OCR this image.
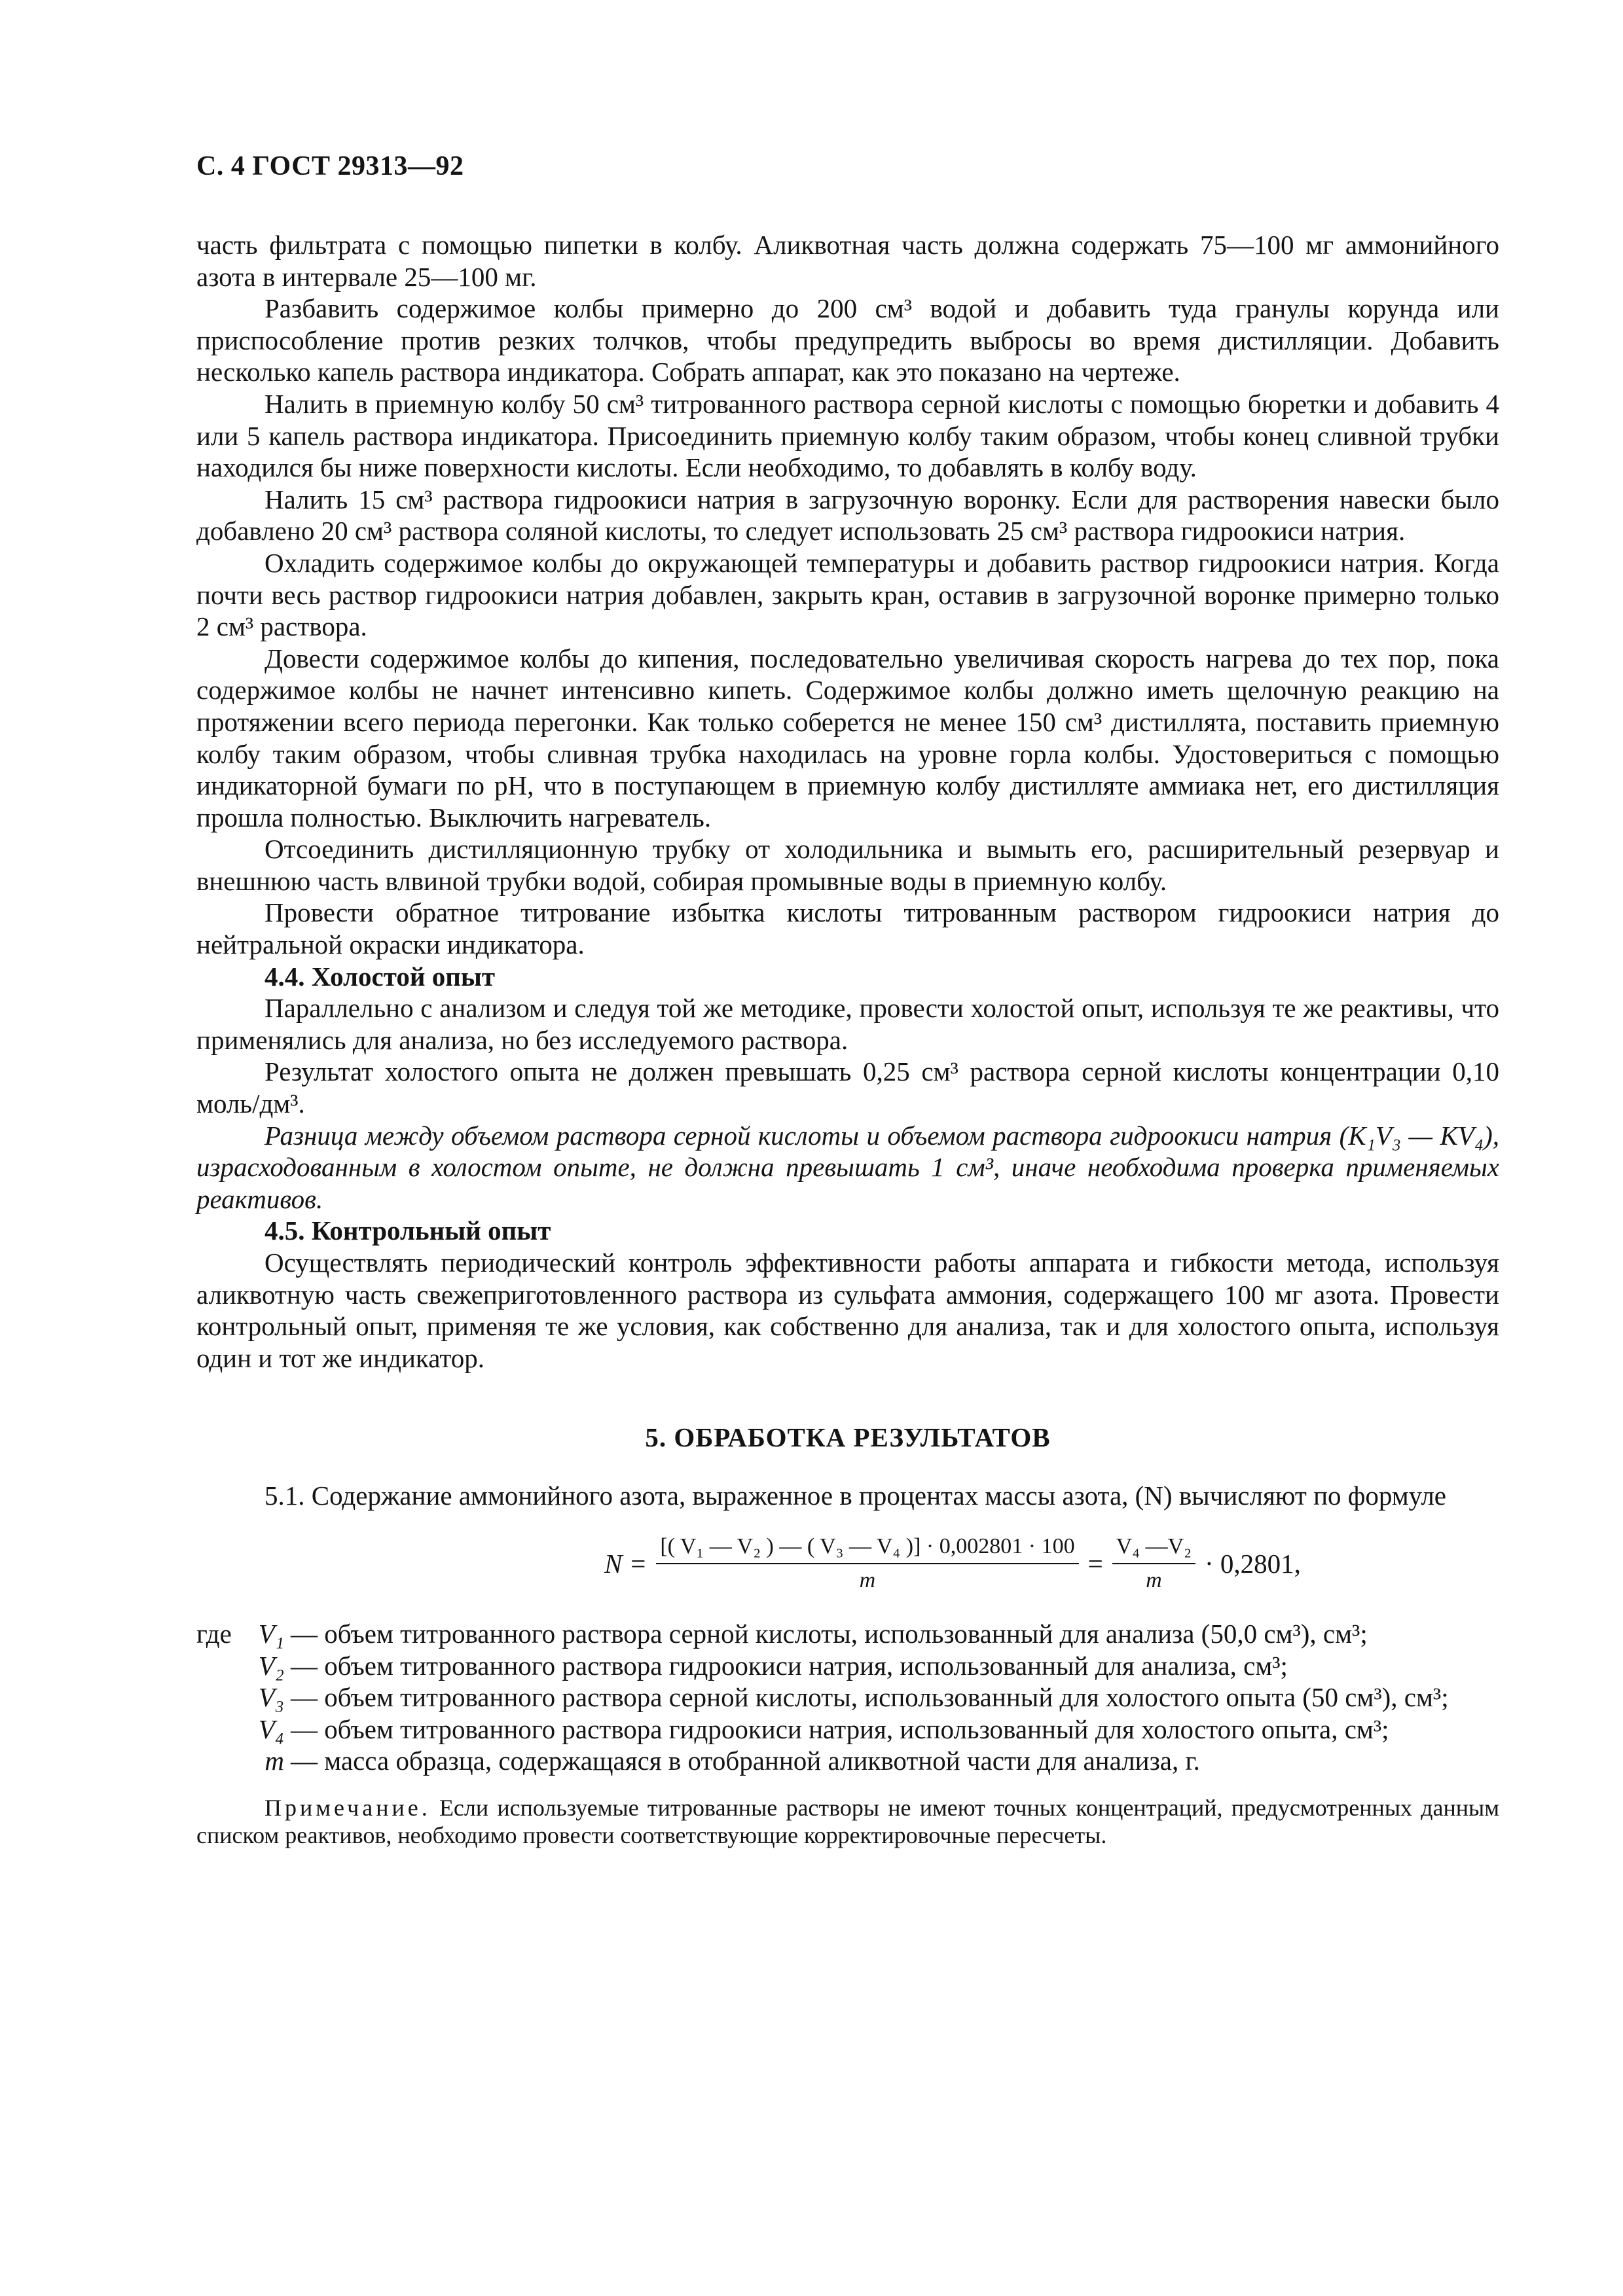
С. 4 ГОСТ 29313—92

часть фильтрата с помощью пипетки в колбу. Аликвотная часть должна содержать 75—100 мг аммонийного азота в интервале 25—100 мг.

Разбавить содержимое колбы примерно до 200 см³ водой и добавить туда гранулы корунда или приспособление против резких толчков, чтобы предупредить выбросы во время дистилляции. Добавить несколько капель раствора индикатора. Собрать аппарат, как это показано на чертеже.

Налить в приемную колбу 50 см³ титрованного раствора серной кислоты с помощью бюретки и добавить 4 или 5 капель раствора индикатора. Присоединить приемную колбу таким образом, чтобы конец сливной трубки находился бы ниже поверхности кислоты. Если необходимо, то добавлять в колбу воду.

Налить 15 см³ раствора гидроокиси натрия в загрузочную воронку. Если для растворения навески было добавлено 20 см³ раствора соляной кислоты, то следует использовать 25 см³ раствора гидроокиси натрия.

Охладить содержимое колбы до окружающей температуры и добавить раствор гидроокиси натрия. Когда почти весь раствор гидроокиси натрия добавлен, закрыть кран, оставив в загрузочной воронке примерно только 2 см³ раствора.

Довести содержимое колбы до кипения, последовательно увеличивая скорость нагрева до тех пор, пока содержимое колбы не начнет интенсивно кипеть. Содержимое колбы должно иметь щелочную реакцию на протяжении всего периода перегонки. Как только соберется не менее 150 см³ дистиллята, поставить приемную колбу таким образом, чтобы сливная трубка находилась на уровне горла колбы. Удостовериться с помощью индикаторной бумаги по pH, что в поступающем в приемную колбу дистилляте аммиака нет, его дистилляция прошла полностью. Выключить нагреватель.

Отсоединить дистилляционную трубку от холодильника и вымыть его, расширительный резервуар и внешнюю часть влвиной трубки водой, собирая промывные воды в приемную колбу.

Провести обратное титрование избытка кислоты титрованным раствором гидроокиси натрия до нейтральной окраски индикатора.

4.4. Холостой опыт

Параллельно с анализом и следуя той же методике, провести холостой опыт, используя те же реактивы, что применялись для анализа, но без исследуемого раствора.

Результат холостого опыта не должен превышать 0,25 см³ раствора серной кислоты концентрации 0,10 моль/дм³.

Разница между объемом раствора серной кислоты и объемом раствора гидроокиси натрия (K₁V₃ — KV₄), израсходованным в холостом опыте, не должна превышать 1 см³, иначе необходима проверка применяемых реактивов.

4.5. Контрольный опыт

Осуществлять периодический контроль эффективности работы аппарата и гибкости метода, используя аликвотную часть свежеприготовленного раствора из сульфата аммония, содержащего 100 мг азота. Провести контрольный опыт, применяя те же условия, как собственно для анализа, так и для холостого опыта, используя один и тот же индикатор.

5. ОБРАБОТКА РЕЗУЛЬТАТОВ

5.1. Содержание аммонийного азота, выраженное в процентах массы азота, (N) вычисляют по формуле

$N = \frac{\text{[( V₁ — V₂ ) — ( V₃ — V₄ )] · 0,002801 · 100}}{m} = \frac{\text{V₄ —V₂}}{m} \cdot 0,2801$,
где V₁ — объем титрованного раствора серной кислоты, использованный для анализа (50,0 см³), см³;
V₂ — объем титрованного раствора гидроокиси натрия, использованный для анализа, см³;
V₃ — объем титрованного раствора серной кислоты, использованный для холостого опыта (50 см³), см³;
V₄ — объем титрованного раствора гидроокиси натрия, использованный для холостого опыта, см³;
m — масса образца, содержащаяся в отобранной аликвотной части для анализа, г.
Примечание. Если используемые титрованные растворы не имеют точных концентраций, предусмотренных данным списком реактивов, необходимо провести соответствующие корректировочные пересчеты.
